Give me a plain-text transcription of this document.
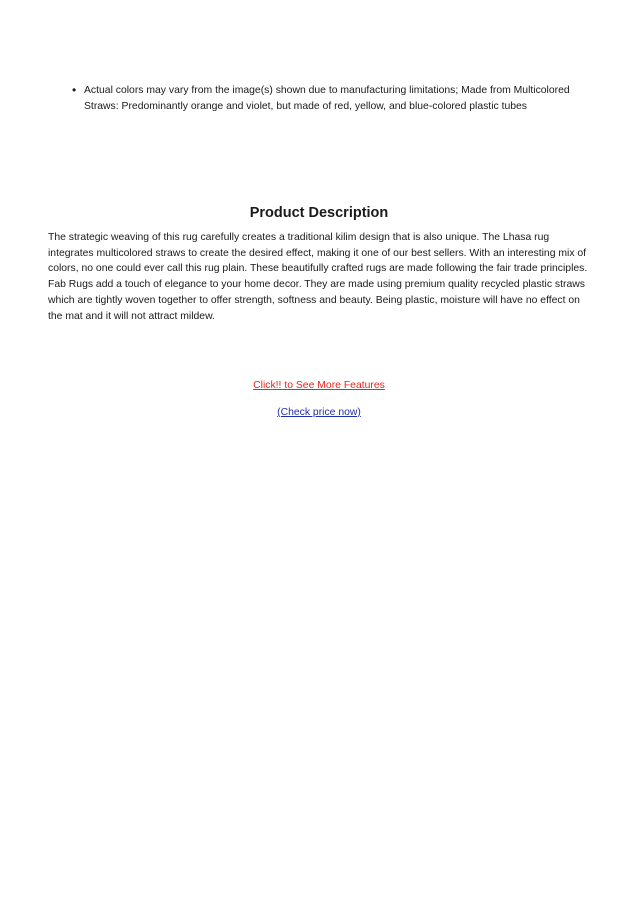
• Actual colors may vary from the image(s) shown due to manufacturing limitations; Made from Multicolored Straws: Predominantly orange and violet, but made of red, yellow, and blue-colored plastic tubes
Product Description

The strategic weaving of this rug carefully creates a traditional kilim design that is also unique. The Lhasa rug integrates multicolored straws to create the desired effect, making it one of our best sellers. With an interesting mix of colors, no one could ever call this rug plain. These beautifully crafted rugs are made following the fair trade principles. Fab Rugs add a touch of elegance to your home decor. They are made using premium quality recycled plastic straws which are tightly woven together to offer strength, softness and beauty. Being plastic, moisture will have no effect on the mat and it will not attract mildew.

Click!! to See More Features
(Check price now)
